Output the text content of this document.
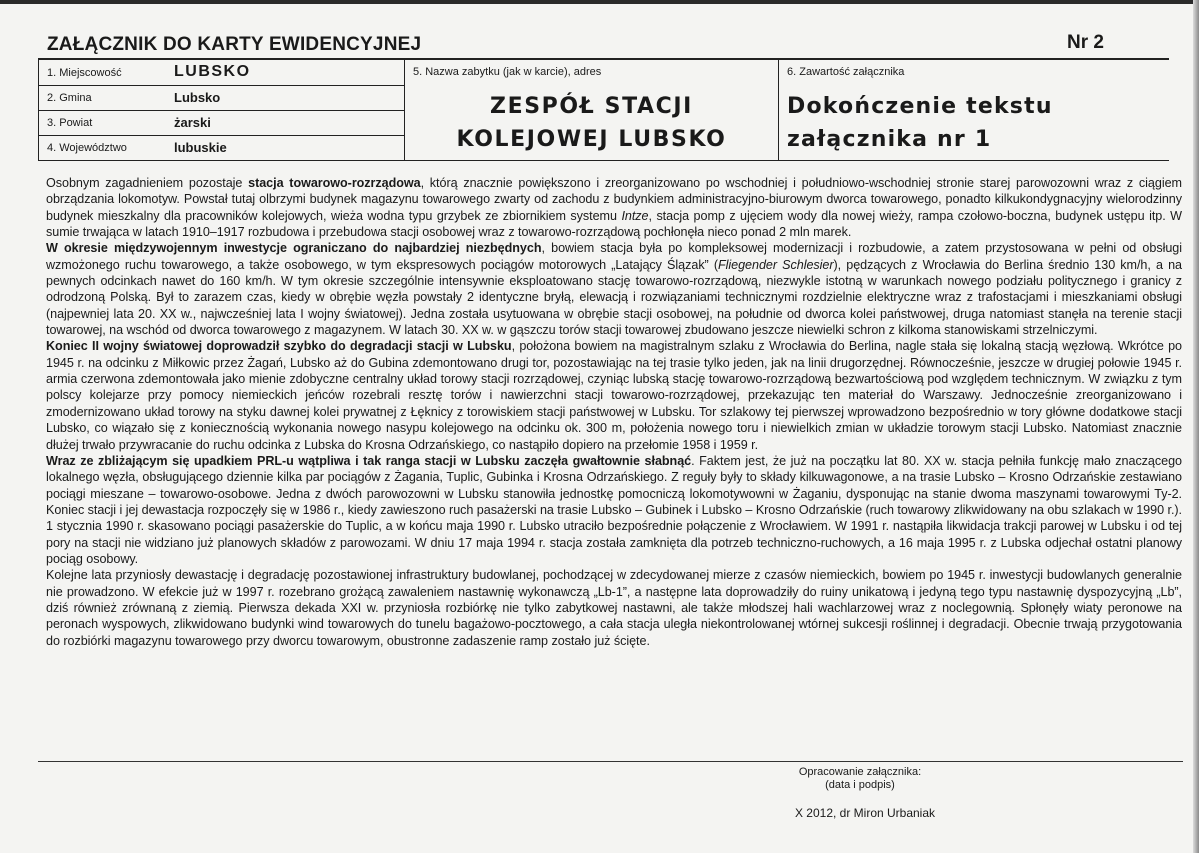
ZAŁĄCZNIK DO KARTY EWIDENCYJNEJ	Nr 2
1. Miejscowość	LUBSKO
2. Gmina	Lubsko
3. Powiat	żarski
4. Województwo	lubuskie
5. Nazwa zabytku (jak w karcie), adres
ZESPÓŁ STACJI
KOLEJOWEJ LUBSKO
6. Zawartość załącznika
Dokończenie tekstu
załącznika nr 1

Osobnym zagadnieniem pozostaje stacja towarowo-rozrządowa, którą znacznie powiększono i zreorganizowano po wschodniej i południowo-wschodniej stronie starej parowozowni wraz z ciągiem obrządzania lokomotyw. Powstał tutaj olbrzymi budynek magazynu towarowego zwarty od zachodu z budynkiem administracyjno-biurowym dworca towarowego, ponadto kilkukondygnacyjny wielorodzinny budynek mieszkalny dla pracowników kolejowych, wieża wodna typu grzybek ze zbiornikiem systemu Intze, stacja pomp z ujęciem wody dla nowej wieży, rampa czołowo-boczna, budynek ustępu itp. W sumie trwająca w latach 1910–1917 rozbudowa i przebudowa stacji osobowej wraz z towarowo-rozrządową pochłonęła nieco ponad 2 mln marek.

W okresie międzywojennym inwestycje ograniczano do najbardziej niezbędnych, bowiem stacja była po kompleksowej modernizacji i rozbudowie, a zatem przystosowana w pełni od obsługi wzmożonego ruchu towarowego, a także osobowego, w tym ekspresowych pociągów motorowych „Latający Ślązak” (Fliegender Schlesier), pędzących z Wrocławia do Berlina średnio 130 km/h, a na pewnych odcinkach nawet do 160 km/h. W tym okresie szczególnie intensywnie eksploatowano stację towarowo-rozrządową, niezwykle istotną w warunkach nowego podziału politycznego i granicy z odrodzoną Polską. Był to zarazem czas, kiedy w obrębie węzła powstały 2 identyczne bryłą, elewacją i rozwiązaniami technicznymi rozdzielnie elektryczne wraz z trafostacjami i mieszkaniami obsługi (najpewniej lata 20. XX w., najwcześniej lata I wojny światowej). Jedna została usytuowana w obrębie stacji osobowej, na południe od dworca kolei państwowej, druga natomiast stanęła na terenie stacji towarowej, na wschód od dworca towarowego z magazynem. W latach 30. XX w. w gąszczu torów stacji towarowej zbudowano jeszcze niewielki schron z kilkoma stanowiskami strzelniczymi.

Koniec II wojny światowej doprowadził szybko do degradacji stacji w Lubsku, położona bowiem na magistralnym szlaku z Wrocławia do Berlina, nagle stała się lokalną stacją węzłową. Wkrótce po 1945 r. na odcinku z Miłkowic przez Żagań, Lubsko aż do Gubina zdemontowano drugi tor, pozostawiając na tej trasie tylko jeden, jak na linii drugorzędnej. Równocześnie, jeszcze w drugiej połowie 1945 r. armia czerwona zdemontowała jako mienie zdobyczne centralny układ torowy stacji rozrządowej, czyniąc lubską stację towarowo-rozrządową bezwartościową pod względem technicznym. W związku z tym polscy kolejarze przy pomocy niemieckich jeńców rozebrali resztę torów i nawierzchni stacji towarowo-rozrządowej, przekazując ten materiał do Warszawy. Jednocześnie zreorganizowano i zmodernizowano układ torowy na styku dawnej kolei prywatnej z Łęknicy z torowiskiem stacji państwowej w Lubsku. Tor szlakowy tej pierwszej wprowadzono bezpośrednio w tory główne dodatkowe stacji Lubsko, co wiązało się z koniecznością wykonania nowego nasypu kolejowego na odcinku ok. 300 m, położenia nowego toru i niewielkich zmian w układzie torowym stacji Lubsko. Natomiast znacznie dłużej trwało przywracanie do ruchu odcinka z Lubska do Krosna Odrzańskiego, co nastąpiło dopiero na przełomie 1958 i 1959 r.

Wraz ze zbliżającym się upadkiem PRL-u wątpliwa i tak ranga stacji w Lubsku zaczęła gwałtownie słabnąć. Faktem jest, że już na początku lat 80. XX w. stacja pełniła funkcję mało znaczącego lokalnego węzła, obsługującego dziennie kilka par pociągów z Żagania, Tuplic, Gubinka i Krosna Odrzańskiego. Z reguły były to składy kilkuwagonowe, a na trasie Lubsko – Krosno Odrzańskie zestawiano pociągi mieszane – towarowo-osobowe. Jedna z dwóch parowozowni w Lubsku stanowiła jednostkę pomocniczą lokomotywowni w Żaganiu, dysponując na stanie dwoma maszynami towarowymi Ty-2. Koniec stacji i jej dewastacja rozpoczęły się w 1986 r., kiedy zawieszono ruch pasażerski na trasie Lubsko – Gubinek i Lubsko – Krosno Odrzańskie (ruch towarowy zlikwidowany na obu szlakach w 1990 r.). 1 stycznia 1990 r. skasowano pociągi pasażerskie do Tuplic, a w końcu maja 1990 r. Lubsko utraciło bezpośrednie połączenie z Wrocławiem. W 1991 r. nastąpiła likwidacja trakcji parowej w Lubsku i od tej pory na stacji nie widziano już planowych składów z parowozami. W dniu 17 maja 1994 r. stacja została zamknięta dla potrzeb techniczno-ruchowych, a 16 maja 1995 r. z Lubska odjechał ostatni planowy pociąg osobowy.

Kolejne lata przyniosły dewastację i degradację pozostawionej infrastruktury budowlanej, pochodzącej w zdecydowanej mierze z czasów niemieckich, bowiem po 1945 r. inwestycji budowlanych generalnie nie prowadzono. W efekcie już w 1997 r. rozebrano grożącą zawaleniem nastawnię wykonawczą „Lb-1”, a następne lata doprowadziły do ruiny unikatową i jedyną tego typu nastawnię dyspozycyjną „Lb”, dziś również zrównaną z ziemią. Pierwsza dekada XXI w. przyniosła rozbiórkę nie tylko zabytkowej nastawni, ale także młodszej hali wachlarzowej wraz z noclegownią. Spłonęły wiaty peronowe na peronach wyspowych, zlikwidowano budynki wind towarowych do tunelu bagażowo-pocztowego, a cała stacja uległa niekontrolowanej wtórnej sukcesji roślinnej i degradacji. Obecnie trwają przygotowania do rozbiórki magazynu towarowego przy dworcu towarowym, obustronne zadaszenie ramp zostało już ścięte.

Opracowanie załącznika:
(data i podpis)
X 2012, dr Miron Urbaniak
